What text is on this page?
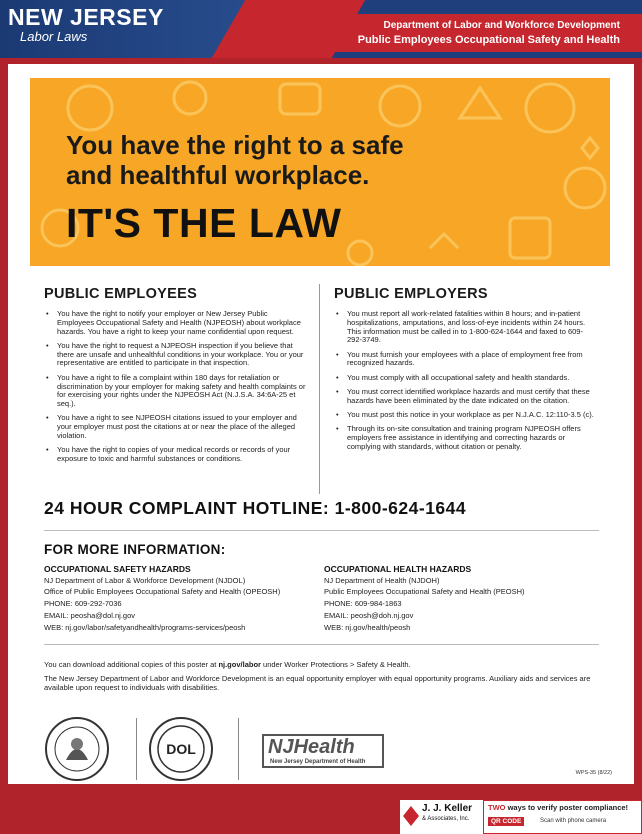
NEW JERSEY
Labor Laws
Department of Labor and Workforce Development
Public Employees Occupational Safety and Health
You have the right to a safe
and healthful workplace.
IT'S THE LAW
PUBLIC EMPLOYEES
• You have the right to notify your employer or New Jersey Public Employees Occupational Safety and Health (NJPEOSH) about workplace hazards. You have a right to keep your name confidential upon request.
• You have the right to request a NJPEOSH inspection if you believe that there are unsafe and unhealthful conditions in your workplace. You or your representative are entitled to participate in that inspection.
• You have a right to file a complaint within 180 days for retaliation or discrimination by your employer for making safety and health complaints or for exercising your rights under the NJPEOSH Act (N.J.S.A. 34:6A-25 et seq.).
• You have a right to see NJPEOSH citations issued to your employer and your employer must post the citations at or near the place of the alleged violation.
• You have the right to copies of your medical records or records of your exposure to toxic and harmful substances or conditions.
PUBLIC EMPLOYERS
• You must report all work-related fatalities within 8 hours; and in-patient hospitalizations, amputations, and loss-of-eye incidents within 24 hours. This information must be called in to 1-800-624-1644 and faxed to 609-292-3749.
• You must furnish your employees with a place of employment free from recognized hazards.
• You must comply with all occupational safety and health standards.
• You must correct identified workplace hazards and must certify that these hazards have been eliminated by the date indicated on the citation.
• You must post this notice in your workplace as per N.J.A.C. 12:110-3.5 (c).
• Through its on-site consultation and training program NJPEOSH offers employers free assistance in identifying and correcting hazards or complying with standards, without citation or penalty.
24 HOUR COMPLAINT HOTLINE: 1-800-624-1644
FOR MORE INFORMATION:
OCCUPATIONAL SAFETY HAZARDS
NJ Department of Labor & Workforce Development (NJDOL)
Office of Public Employees Occupational Safety and Health (OPEOSH)
PHONE: 609-292-7036
EMAIL: peosha@dol.nj.gov
WEB: nj.gov/labor/safetyandhealth/programs-services/peosh
OCCUPATIONAL HEALTH HAZARDS
NJ Department of Health (NJDOH)
Public Employees Occupational Safety and Health (PEOSH)
PHONE: 609-984-1863
EMAIL: peosh@doh.nj.gov
WEB: nj.gov/health/peosh
You can download additional copies of this poster at nj.gov/labor under Worker Protections > Safety & Health.
The New Jersey Department of Labor and Workforce Development is an equal opportunity employer with equal opportunity programs. Auxiliary aids and services are available upon request to individuals with disabilities.
DOL	NJHealth
New Jersey Department of Health
WPS-35 (8/22)
J. J. Keller
& Associates, Inc.
TWO ways to verify poster compliance!
QR CODE	Scan with phone camera
